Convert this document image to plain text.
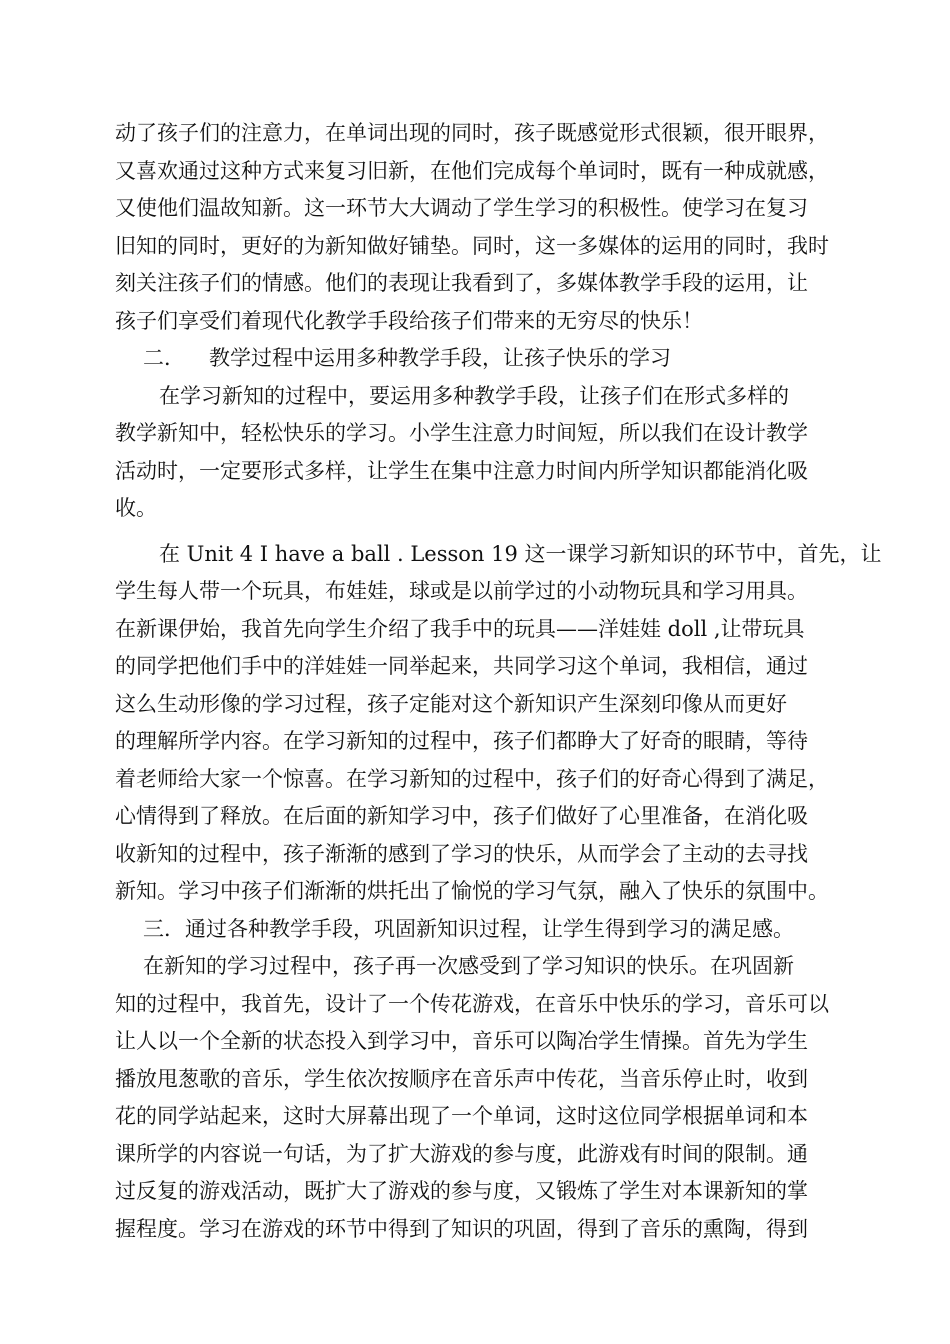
动了孩子们的注意力，在单词出现的同时，孩子既感觉形式很颖，很开眼界，
又喜欢通过这种方式来复习旧新，在他们完成每个单词时，既有一种成就感，
又使他们温故知新。这一环节大大调动了学生学习的积极性。使学习在复习
旧知的同时，更好的为新知做好铺垫。同时，这一多媒体的运用的同时，我时
刻关注孩子们的情感。他们的表现让我看到了，多媒体教学手段的运用，让
孩子们享受们着现代化教学手段给孩子们带来的无穷尽的快乐！
二． 教学过程中运用多种教学手段，让孩子快乐的学习
在学习新知的过程中，要运用多种教学手段，让孩子们在形式多样的
教学新知中，轻松快乐的学习。小学生注意力时间短，所以我们在设计教学
活动时，一定要形式多样，让学生在集中注意力时间内所学知识都能消化吸
收。
在 Unit 4 I have a ball . Lesson 19 这一课学习新知识的环节中，首先，让
学生每人带一个玩具，布娃娃，球或是以前学过的小动物玩具和学习用具。
在新课伊始，我首先向学生介绍了我手中的玩具——洋娃娃 doll ,让带玩具
的同学把他们手中的洋娃娃一同举起来，共同学习这个单词，我相信，通过
这么生动形像的学习过程，孩子定能对这个新知识产生深刻印像从而更好
的理解所学内容。在学习新知的过程中，孩子们都睁大了好奇的眼睛，等待
着老师给大家一个惊喜。在学习新知的过程中，孩子们的好奇心得到了满足，
心情得到了释放。在后面的新知学习中，孩子们做好了心里准备，在消化吸
收新知的过程中，孩子渐渐的感到了学习的快乐，从而学会了主动的去寻找
新知。学习中孩子们渐渐的烘托出了愉悦的学习气氛，融入了快乐的氛围中。
三．通过各种教学手段，巩固新知识过程，让学生得到学习的满足感。
在新知的学习过程中，孩子再一次感受到了学习知识的快乐。在巩固新
知的过程中，我首先，设计了一个传花游戏，在音乐中快乐的学习，音乐可以
让人以一个全新的状态投入到学习中，音乐可以陶冶学生情操。首先为学生
播放甩葱歌的音乐，学生依次按顺序在音乐声中传花，当音乐停止时，收到
花的同学站起来，这时大屏幕出现了一个单词，这时这位同学根据单词和本
课所学的内容说一句话，为了扩大游戏的参与度，此游戏有时间的限制。通
过反复的游戏活动，既扩大了游戏的参与度，又锻炼了学生对本课新知的掌
握程度。学习在游戏的环节中得到了知识的巩固，得到了音乐的熏陶，得到
